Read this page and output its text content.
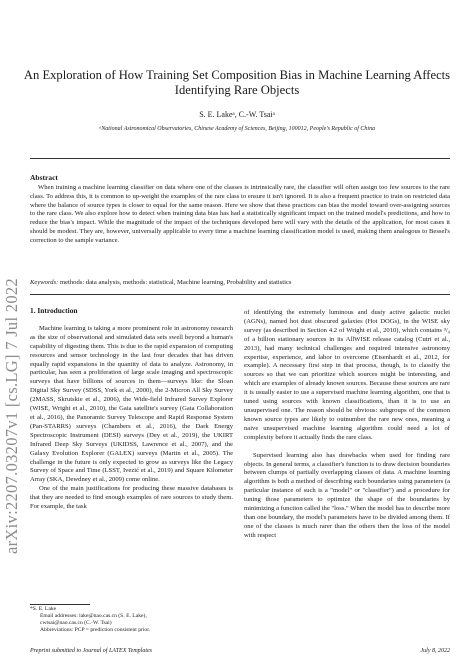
arXiv:2207.03207v1 [cs.LG] 7 Jul 2022
An Exploration of How Training Set Composition Bias in Machine Learning Affects Identifying Rare Objects
S. E. Lakeᵃ, C.-W. Tsaiᵃ
ᵃNational Astronomical Observatories, Chinese Academy of Sciences, Beijing, 100012, People's Republic of China
Abstract
When training a machine learning classifier on data where one of the classes is intrinsically rare, the classifier will often assign too few sources to the rare class. To address this, it is common to up-weight the examples of the rare class to ensure it isn't ignored. It is also a frequent practice to train on restricted data where the balance of source types is closer to equal for the same reason. Here we show that these practices can bias the model toward over-assigning sources to the rare class. We also explore how to detect when training data bias has had a statistically significant impact on the trained model's predictions, and how to reduce the bias's impact. While the magnitude of the impact of the techniques developed here will vary with the details of the application, for most cases it should be modest. They are, however, universally applicable to every time a machine learning classification model is used, making them analogous to Bessel's correction to the sample variance.
Keywords: methods: data analysis, methods: statistical, Machine learning, Probability and statistics
1. Introduction

Machine learning is taking a more prominent role in astronomy research as the size of observational and simulated data sets swell beyond a human's capability of digesting them. This is due to the rapid expansion of computing resources and sensor technology in the last four decades that has driven equally rapid expansions in the quantity of data to analyze. Astronomy, in particular, has seen a proliferation of large scale imaging and spectroscopic surveys that have billions of sources in them—surveys like: the Sloan Digital Sky Survey (SDSS, York et al., 2000), the 2-Micron All Sky Survey (2MASS, Skrutskie et al., 2006), the Wide-field Infrared Survey Explorer (WISE, Wright et al., 2010), the Gaia satellite's survey (Gaia Collaboration et al., 2016), the Panoramic Survey Telescope and Rapid Response System (Pan-STARRS) surveys (Chambers et al., 2016), the Dark Energy Spectroscopic Instrument (DESI) surveys (Dey et al., 2019), the UKIRT Infrared Deep Sky Surveys (UKIDSS, Lawrence et al., 2007), and the Galaxy Evolution Explorer (GALEX) surveys (Martin et al., 2005). The challenge in the future is only expected to grow as surveys like the Legacy Survey of Space and Time (LSST, Ivezić et al., 2019) and Square Kilometer Array (SKA, Dewdney et al., 2009) come online.

One of the main justifications for producing these massive databases is that they are needed to find enough examples of rare sources to study them. For example, the task

of identifying the extremely luminous and dusty active galactic nuclei (AGNs), named hot dust obscured galaxies (Hot DOGs), in the WISE sky survey (as described in Section 4.2 of Wright et al., 2010), which contains ³/₄ of a billion stationary sources in its AllWISE release catalog (Cutri et al., 2013), had many technical challenges and required intensive astronomy expertise, experience, and labor to overcome (Eisenhardt et al., 2012, for example). A necessary first step in that process, though, is to classify the sources so that we can prioritize which sources might be interesting, and which are examples of already known sources. Because these sources are rare it is usually easier to use a supervised machine learning algorithm, one that is tuned using sources with known classifications, than it is to use an unsupervised one. The reason should be obvious: subgroups of the common known source types are likely to outnumber the rare new ones, meaning a naive unsupervised machine learning algorithm could need a lot of complexity before it actually finds the rare class.

Supervised learning also has drawbacks when used for finding rare objects. In general terms, a classifier's function is to draw decision boundaries between clumps of partially overlapping classes of data. A machine learning algorithm is both a method of describing such boundaries using parameters (a particular instance of such is a "model" or "classifier") and a procedure for tuning those parameters to optimize the shape of the boundaries by minimizing a function called the "loss." When the model has to describe more than one boundary, the model's parameters have to be divided among them. If one of the classes is much rarer than the others then the loss of the model with respect

*S. E. Lake
Email addresses: lake@nao.cas.cn (S. E. Lake),
cwtsai@nao.cas.cn (C.-W. Tsai)
Abbreviations: PCP = prediction consistent prior.
Preprint submitted to Journal of LATEX Templates	July 8, 2022
